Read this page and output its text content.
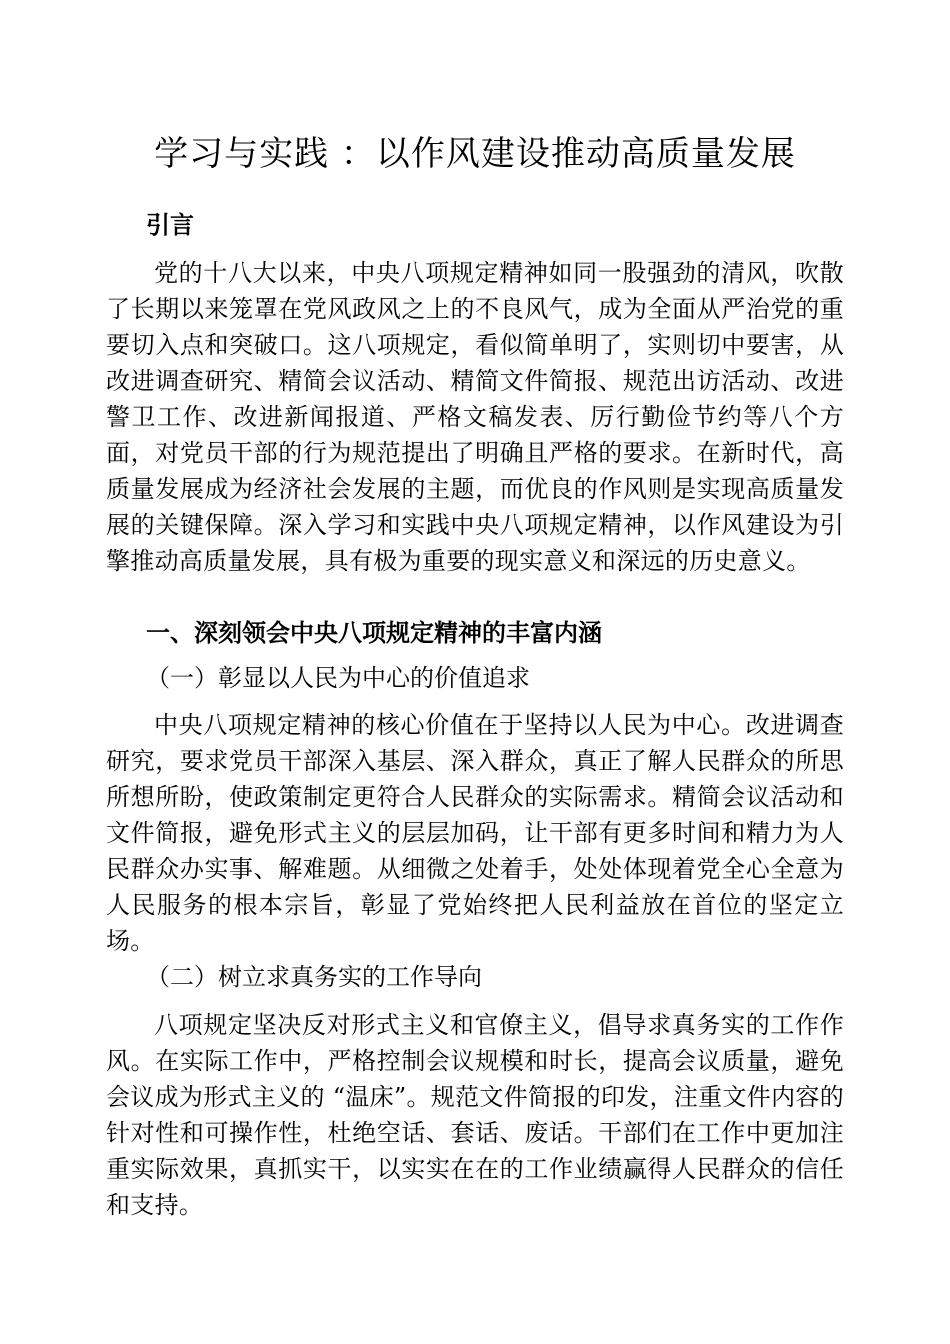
学习与实践 ：以作风建设推动高质量发展
引言

党的十八大以来，中央八项规定精神如同一股强劲的清风，吹散了长期以来笼罩在党风政风之上的不良风气，成为全面从严治党的重要切入点和突破口。这八项规定，看似简单明了，实则切中要害，从改进调查研究、精简会议活动、精简文件简报、规范出访活动、改进警卫工作、改进新闻报道、严格文稿发表、厉行勤俭节约等八个方面，对党员干部的行为规范提出了明确且严格的要求。在新时代，高质量发展成为经济社会发展的主题，而优良的作风则是实现高质量发展的关键保障。深入学习和实践中央八项规定精神，以作风建设为引擎推动高质量发展，具有极为重要的现实意义和深远的历史意义。

一、深刻领会中央八项规定精神的丰富内涵
（一）彰显以人民为中心的价值追求

中央八项规定精神的核心价值在于坚持以人民为中心。改进调查研究，要求党员干部深入基层、深入群众，真正了解人民群众的所思所想所盼，使政策制定更符合人民群众的实际需求。精简会议活动和文件简报，避免形式主义的层层加码，让干部有更多时间和精力为人民群众办实事、解难题。从细微之处着手，处处体现着党全心全意为人民服务的根本宗旨，彰显了党始终把人民利益放在首位的坚定立场。

（二）树立求真务实的工作导向

八项规定坚决反对形式主义和官僚主义，倡导求真务实的工作作风。在实际工作中，严格控制会议规模和时长，提高会议质量，避免会议成为形式主义的 “温床”。规范文件简报的印发，注重文件内容的针对性和可操作性，杜绝空话、套话、废话。干部们在工作中更加注重实际效果，真抓实干，以实实在在的工作业绩赢得人民群众的信任和支持。
